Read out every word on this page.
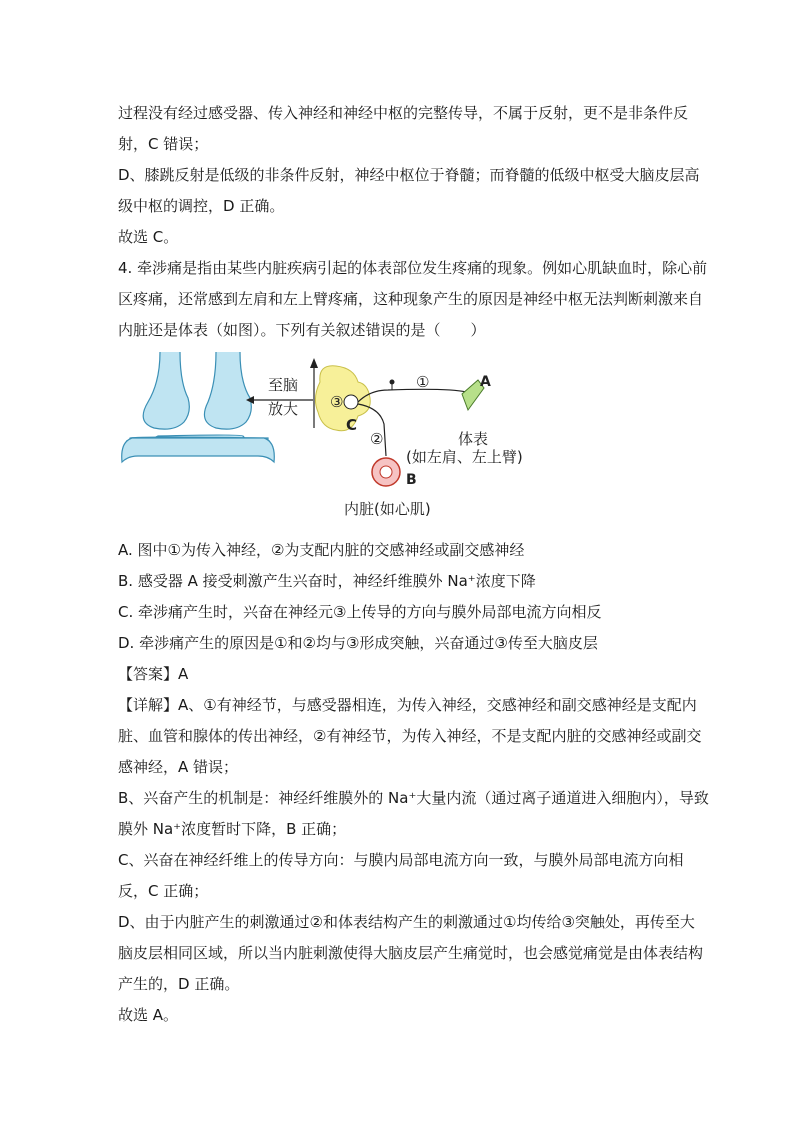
过程没有经过感受器、传入神经和神经中枢的完整传导，不属于反射，更不是非条件反
射，C 错误；
D、膝跳反射是低级的非条件反射，神经中枢位于脊髓；而脊髓的低级中枢受大脑皮层高
级中枢的调控，D 正确。
故选 C。
4. 牵涉痛是指由某些内脏疾病引起的体表部位发生疼痛的现象。例如心肌缺血时，除心前
区疼痛，还常感到左肩和左上臂疼痛，这种现象产生的原因是神经中枢无法判断刺激来自
内脏还是体表（如图）。下列有关叙述错误的是（　　）
至脑
放大 ③
C
①	A
体表
(如左肩、左上臂)
②
B
内脏(如心肌)
A. 图中①为传入神经，②为支配内脏的交感神经或副交感神经
B. 感受器 A 接受刺激产生兴奋时，神经纤维膜外 Na⁺浓度下降
C. 牵涉痛产生时，兴奋在神经元③上传导的方向与膜外局部电流方向相反
D. 牵涉痛产生的原因是①和②均与③形成突触，兴奋通过③传至大脑皮层
【答案】A
【详解】A、①有神经节，与感受器相连，为传入神经，交感神经和副交感神经是支配内
脏、血管和腺体的传出神经，②有神经节，为传入神经，不是支配内脏的交感神经或副交
感神经，A 错误；
B、兴奋产生的机制是：神经纤维膜外的 Na⁺大量内流（通过离子通道进入细胞内），导致
膜外 Na⁺浓度暂时下降，B 正确；
C、兴奋在神经纤维上的传导方向：与膜内局部电流方向一致，与膜外局部电流方向相
反，C 正确；
D、由于内脏产生的刺激通过②和体表结构产生的刺激通过①均传给③突触处，再传至大
脑皮层相同区域，所以当内脏刺激使得大脑皮层产生痛觉时，也会感觉痛觉是由体表结构
产生的，D 正确。
故选 A。
